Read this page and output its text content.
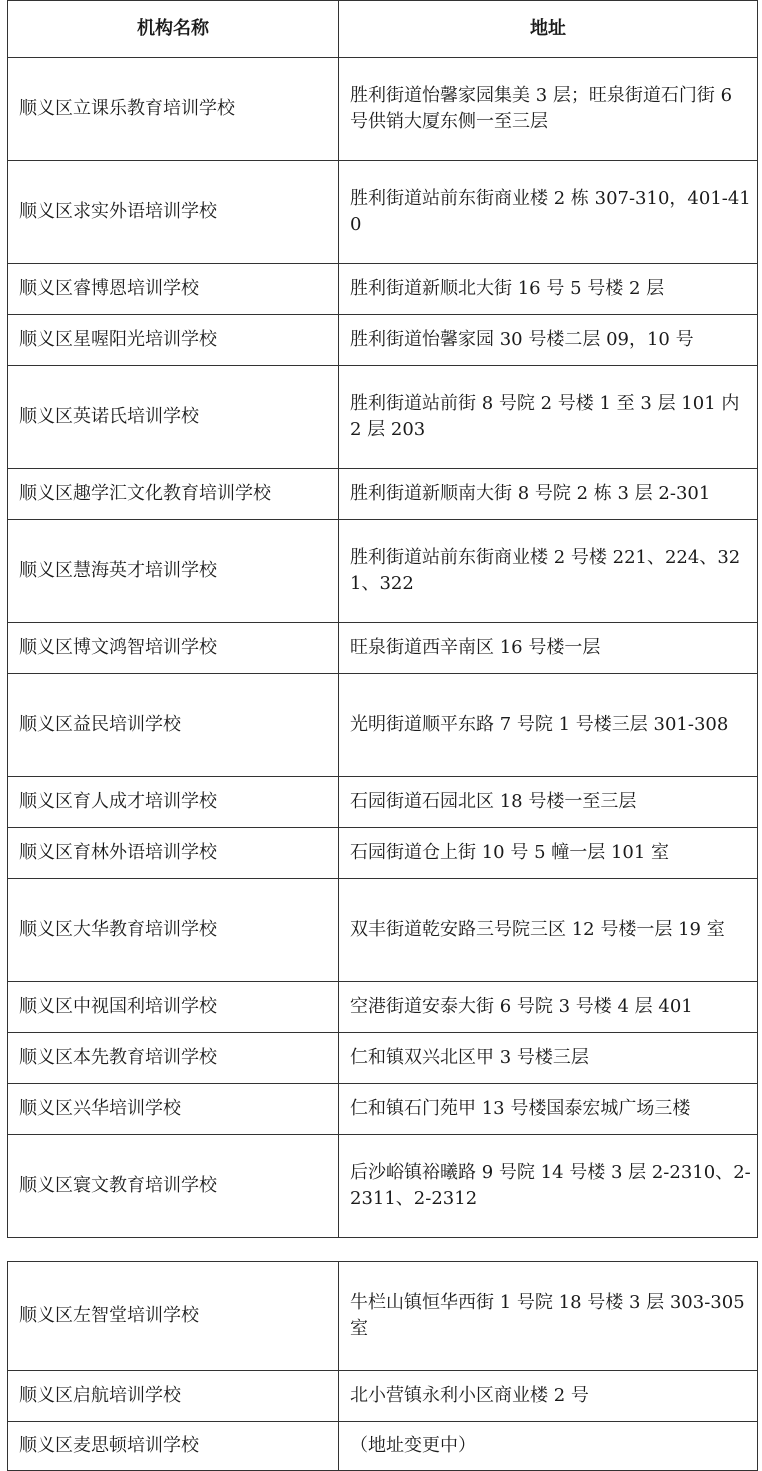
机构名称	地址
顺义区立课乐教育培训学校	胜利街道怡馨家园集美 3 层；旺泉街道石门街 6 号供销大厦东侧一至三层
顺义区求实外语培训学校	胜利街道站前东街商业楼 2 栋 307-310，401-410
顺义区睿博恩培训学校	胜利街道新顺北大街 16 号 5 号楼 2 层
顺义区星喔阳光培训学校	胜利街道怡馨家园 30 号楼二层 09，10 号
顺义区英诺氏培训学校	胜利街道站前街 8 号院 2 号楼 1 至 3 层 101 内 2 层 203
顺义区趣学汇文化教育培训学校	胜利街道新顺南大街 8 号院 2 栋 3 层 2-301
顺义区慧海英才培训学校	胜利街道站前东街商业楼 2 号楼 221、224、321、322
顺义区博文鸿智培训学校	旺泉街道西辛南区 16 号楼一层
顺义区益民培训学校	光明街道顺平东路 7 号院 1 号楼三层 301-308
顺义区育人成才培训学校	石园街道石园北区 18 号楼一至三层
顺义区育林外语培训学校	石园街道仓上街 10 号 5 幢一层 101 室
顺义区大华教育培训学校	双丰街道乾安路三号院三区 12 号楼一层 19 室
顺义区中视国利培训学校	空港街道安泰大街 6 号院 3 号楼 4 层 401
顺义区本先教育培训学校	仁和镇双兴北区甲 3 号楼三层
顺义区兴华培训学校	仁和镇石门苑甲 13 号楼国泰宏城广场三楼
顺义区寰文教育培训学校	后沙峪镇裕曦路 9 号院 14 号楼 3 层 2-2310、2-2311、2-2312
顺义区左智堂培训学校	牛栏山镇恒华西街 1 号院 18 号楼 3 层 303-305 室
顺义区启航培训学校	北小营镇永利小区商业楼 2 号
顺义区麦思顿培训学校	（地址变更中）
